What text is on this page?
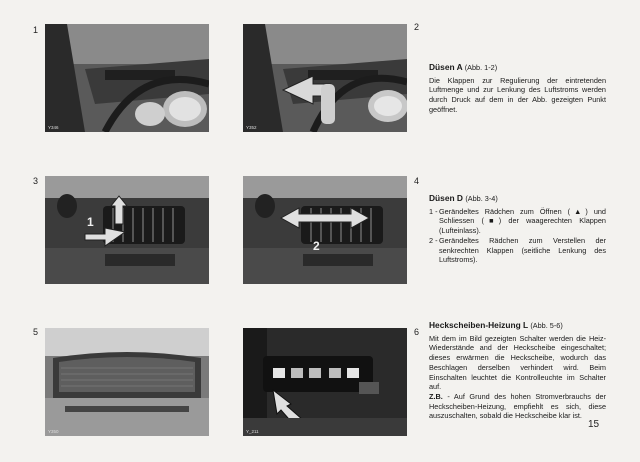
1	2
3	4
5	6
Y346	Y352
1
2
Y350	Y_211
Düsen A (Abb. 1-2)
Die Klappen zur Regulierung der eintretenden Luftmenge und zur Lenkung des Luftstroms werden durch Druck auf dem in der Abb. gezeigten Punkt geöffnet.
Düsen D (Abb. 3-4)
1 - Gerändeltes Rädchen zum Öffnen (▲) und Schliessen (■) der waagerechten Klappen (Lufteinlass).
2 - Gerändeltes Rädchen zum Verstellen der senkrechten Klappen (seitliche Lenkung des Luftstroms).
Heckscheiben-Heizung L (Abb. 5-6)
Mit dem im Bild gezeigten Schalter werden die Heiz-Wiederstände and der Heckscheibe eingeschaltet; dieses erwärmen die Heckscheibe, wodurch das Beschlagen derselben verhindert wird. Beim Einschalten leuchtet die Kontrolleuchte im Schalter auf.
Z.B. - Auf Grund des hohen Stromverbrauchs der Heckscheiben-Heizung, empfiehlt es sich, diese auszuschalten, sobald die Heckscheibe klar ist.
15
